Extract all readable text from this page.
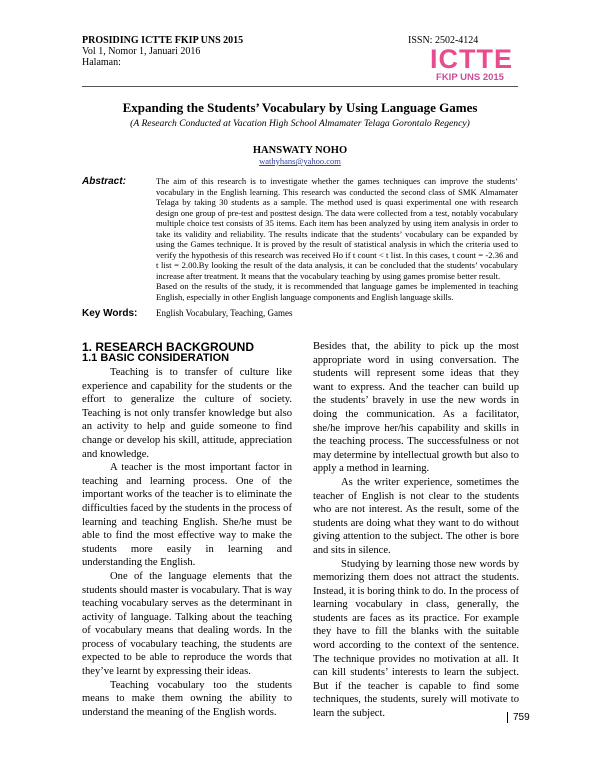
PROSIDING ICTTE FKIP UNS 2015
Vol 1, Nomor 1, Januari 2016
Halaman:
ISSN: 2502-4124
ICTTE
FKIP UNS 2015
Expanding the Students’ Vocabulary by Using Language Games
(A Research Conducted at Vacation High School Almamater Telaga Gorontalo Regency)
HANSWATY NOHO
wathyhans@yahoo.com
Abstract:	The aim of this research is to investigate whether the games techniques can improve the students’ vocabulary in the English learning. This research was conducted the second class of SMK Almamater Telaga by taking 30 students as a sample. The method used is quasi experimental one with research design one group of pre-test and posttest design. The data were collected from a test, notably vocabulary multiple choice test consists of 35 items. Each item has been analyzed by using item analysis in order to take its validity and reliability. The results indicate that the students’ vocabulary can be expanded by using the Games technique. It is proved by the result of statistical analysis in which the criteria used to verify the hypothesis of this research was received Ho if t count < t list. In this cases, t count = -2.36 and t list = 2.00.By looking the result of the data analysis, it can be concluded that the students’ vocabulary increase after treatment. It means that the vocabulary teaching by using games promise better result.

Based on the results of the study, it is recommended that language games be implemented in teaching English, especially in other English language components and English language skills.

Key Words: English Vocabulary, Teaching, Games
1. RESEARCH BACKGROUND
1.1 BASIC CONSIDERATION

Teaching is to transfer of culture like experience and capability for the students or the effort to generalize the culture of society. Teaching is not only transfer knowledge but also an activity to help and guide someone to find change or develop his skill, attitude, appreciation and knowledge.

A teacher is the most important factor in teaching and learning process. One of the important works of the teacher is to eliminate the difficulties faced by the students in the process of learning and teaching English. She/he must be able to find the most effective way to make the students more easily in learning and understanding the English.

One of the language elements that the students should master is vocabulary. That is way teaching vocabulary serves as the determinant in activity of language. Talking about the teaching of vocabulary means that dealing words. In the process of vocabulary teaching, the students are expected to be able to reproduce the words that they’ve learnt by expressing their ideas.

Teaching vocabulary too the students means to make them owning the ability to understand the meaning of the English words.

Besides that, the ability to pick up the most appropriate word in using conversation. The students will represent some ideas that they want to express. And the teacher can build up the students’ bravely in use the new words in doing the communication. As a facilitator, she/he improve her/his capability and skills in the teaching process. The successfulness or not may determine by intellectual growth but also to apply a method in learning.

As the writer experience, sometimes the teacher of English is not clear to the students who are not interest. As the result, some of the students are doing what they want to do without giving attention to the subject. The other is bore and sits in silence.

Studying by learning those new words by memorizing them does not attract the students. Instead, it is boring think to do. In the process of learning vocabulary in class, generally, the students are faces as its practice. For example they have to fill the blanks with the suitable word according to the context of the sentence. The technique provides no motivation at all. It can kill students’ interests to learn the subject. But if the teacher is capable to find some techniques, the students, surely will motivate to learn the subject.	759
